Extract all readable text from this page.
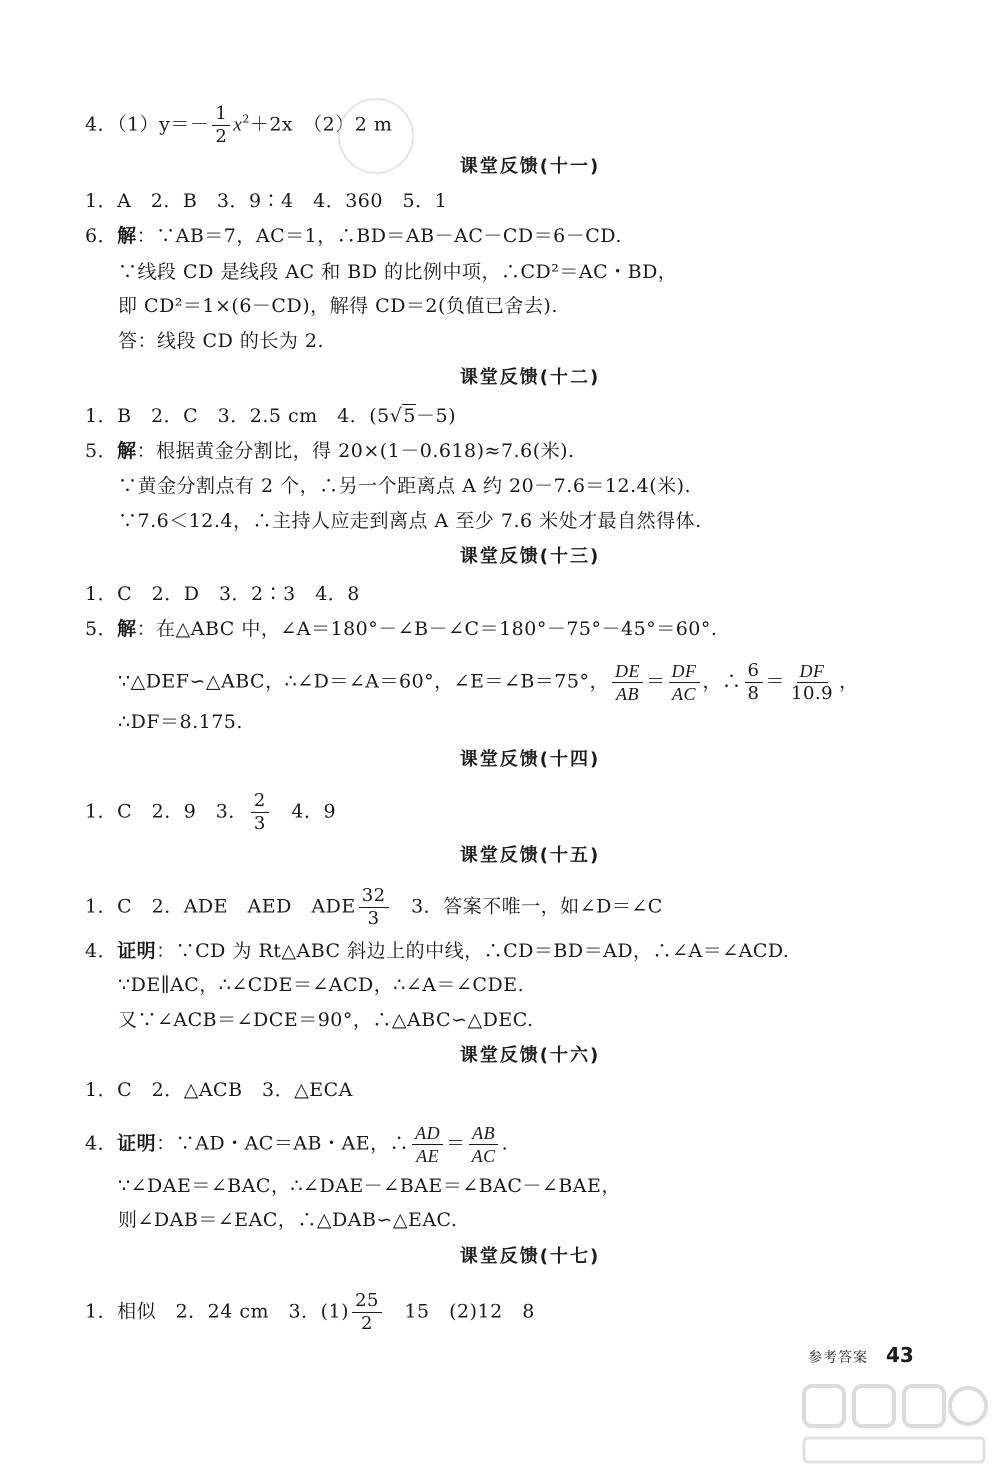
4．$(1)y=- \frac{1}{2} x^2+2x$　（2）2 m
课堂反馈(十一)
1．A　2．B　3．9∶4　4．360　5．1
6．解：∵AB＝7，AC＝1，∴BD＝AB－AC－CD＝6－CD.
∵线段 CD 是线段 AC 和 BD 的比例中项，∴CD²＝AC・BD，
即 CD²＝1×(6－CD)，解得 CD＝2(负值已舍去).
答：线段 CD 的长为 2.
课堂反馈(十二)
1．B　2．C　3．2.5 cm　4．(5√5－5)
5．解：根据黄金分割比，得 20×(1－0.618)≈7.6(米).
∵黄金分割点有 2 个，∴另一个距离点 A 约 20－7.6＝12.4(米).
∵7.6＜12.4，∴主持人应走到离点 A 至少 7.6 米处才最自然得体.
课堂反馈(十三)
1．C　2．D　3．2∶3　4．8
5．解：在△ABC 中，∠A＝180°－∠B－∠C＝180°－75°－45°＝60°.
∵△DEF∽△ABC，∴∠D＝∠A＝60°，∠E＝∠B＝75°， $\frac{DE}{AB} = \frac{DF}{AC}$ ，∴ $\frac{6}{8} = \frac{DF}{10.9}$ ，
∴DF＝8.175.
课堂反馈(十四)
1．C　2．9　3． $\frac{2}{3}$ 　4．9
课堂反馈(十五)
1．C　2．ADE　AED　ADE $\frac{32}{3}$ 　3．答案不唯一，如∠D＝∠C
4．证明：∵CD 为 Rt△ABC 斜边上的中线，∴CD＝BD＝AD，∴∠A＝∠ACD.
∵DE∥AC，∴∠CDE＝∠ACD，∴∠A＝∠CDE.
又∵∠ACB＝∠DCE＝90°，∴△ABC∽△DEC.
课堂反馈(十六)
1．C　2．△ACB　3．△ECA
4．证明：∵AD・AC＝AB・AE，∴ $\frac{AD}{AE} = \frac{AB}{AC}$ .
∵∠DAE＝∠BAC，∴∠DAE－∠BAE＝∠BAC－∠BAE，
则∠DAB＝∠EAC，∴△DAB∽△EAC.
课堂反馈(十七)
1．相似　2．24 cm　3．$(1) \frac{25}{2}$ 　15　(2)12　8
参考答案 43
